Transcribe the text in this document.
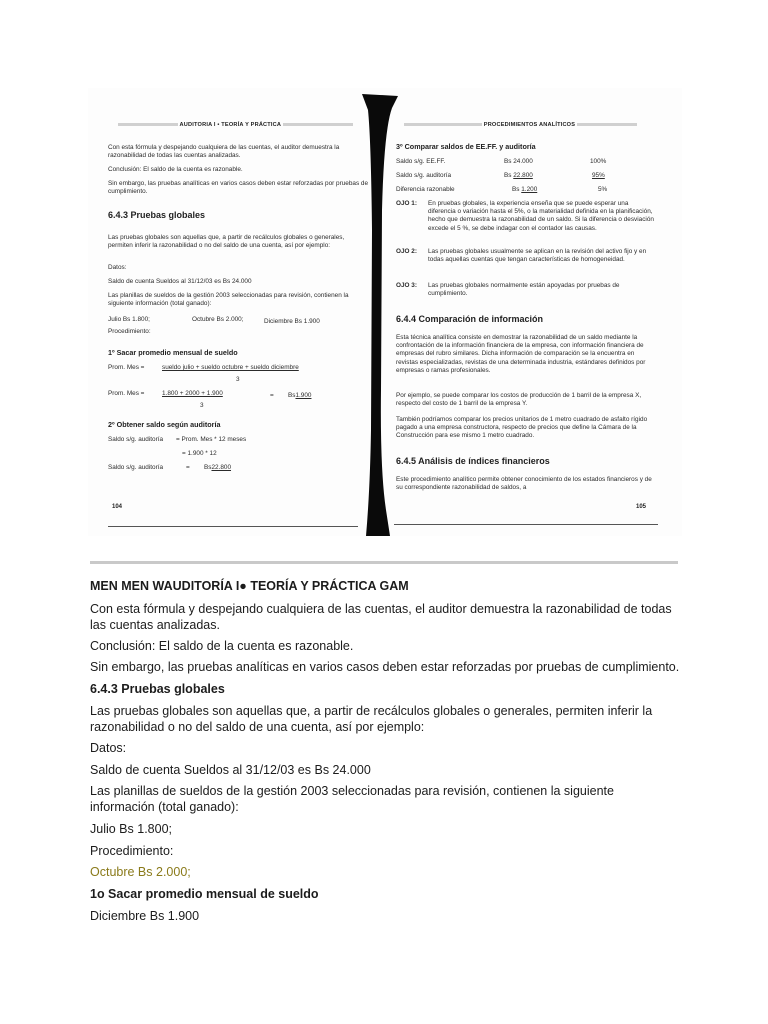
AUDITORIA I • TEORÍA Y PRÁCTICA
Con esta fórmula y despejando cualquiera de las cuentas, el auditor demuestra la razonabilidad de todas las cuentas analizadas.
Conclusión: El saldo de la cuenta es razonable.
Sin embargo, las pruebas analíticas en varios casos deben estar reforzadas por pruebas de cumplimiento.
6.4.3 Pruebas globales
Las pruebas globales son aquellas que, a partir de recálculos globales o generales, permiten inferir la razonabilidad o no del saldo de una cuenta, así por ejemplo:
Datos:
Saldo de cuenta Sueldos al 31/12/03 es Bs 24.000
Las planillas de sueldos de la gestión 2003 seleccionadas para revisión, contienen la siguiente información (total ganado):
Julio Bs 1.800;	Octubre Bs 2.000;	Diciembre Bs 1.900
Procedimiento:
1º Sacar promedio mensual de sueldo
Prom. Mes =	sueldo julio + sueldo octubre + sueldo diciembre
3
Prom. Mes =	1.800 + 2000 + 1.900	= Bs1.900
3
2º Obtener saldo según auditoría
Saldo s/g. auditoría = Prom. Mes * 12 meses
= 1.900 * 12
Saldo s/g. auditoría	= Bs22.800
104
PROCEDIMIENTOS ANALÍTICOS
3º Comparar saldos de EE.FF. y auditoría
Saldo s/g. EE.FF.	Bs 24.000	100%
Saldo s/g. auditoría	Bs 22.800	95%
Diferencia razonable	Bs 1.200	5%
OJO 1: En pruebas globales, la experiencia enseña que se puede esperar una diferencia o variación hasta el 5%, o la materialidad definida en la planificación, hecho que demuestra la razonabilidad de un saldo. Si la diferencia o desviación excede el 5 %, se debe indagar con el contador las causas.
OJO 2: Las pruebas globales usualmente se aplican en la revisión del activo fijo y en todas aquellas cuentas que tengan características de homogeneidad.
OJO 3: Las pruebas globales normalmente están apoyadas por pruebas de cumplimiento.
6.4.4 Comparación de información
Esta técnica analítica consiste en demostrar la razonabilidad de un saldo mediante la confrontación de la información financiera de la empresa, con información financiera de empresas del rubro similares. Dicha información de comparación se la encuentra en revistas especializadas, revistas de una determinada industria, estándares definidos por empresas o ramas profesionales.
Por ejemplo, se puede comparar los costos de producción de 1 barril de la empresa X, respecto del costo de 1 barril de la empresa Y.
También podríamos comparar los precios unitarios de 1 metro cuadrado de asfalto rígido pagado a una empresa constructora, respecto de precios que define la Cámara de la Construcción para ese mismo 1 metro cuadrado.
6.4.5 Análisis de índices financieros
Este procedimiento analítico permite obtener conocimiento de los estados financieros y de su correspondiente razonabilidad de saldos, a
105
MEN MEN WAUDITORÍA I● TEORÍA Y PRÁCTICA GAM
Con esta fórmula y despejando cualquiera de las cuentas, el auditor demuestra la razonabilidad de todas las cuentas analizadas.
Conclusión: El saldo de la cuenta es razonable.
Sin embargo, las pruebas analíticas en varios casos deben estar reforzadas por pruebas de cumplimiento.
6.4.3 Pruebas globales
Las pruebas globales son aquellas que, a partir de recálculos globales o generales, permiten inferir la razonabilidad o no del saldo de una cuenta, así por ejemplo:
Datos:
Saldo de cuenta Sueldos al 31/12/03 es Bs 24.000
Las planillas de sueldos de la gestión 2003 seleccionadas para revisión, contienen la siguiente información (total ganado):
Julio Bs 1.800;
Procedimiento:
Octubre Bs 2.000;
1o Sacar promedio mensual de sueldo
Diciembre Bs 1.900
